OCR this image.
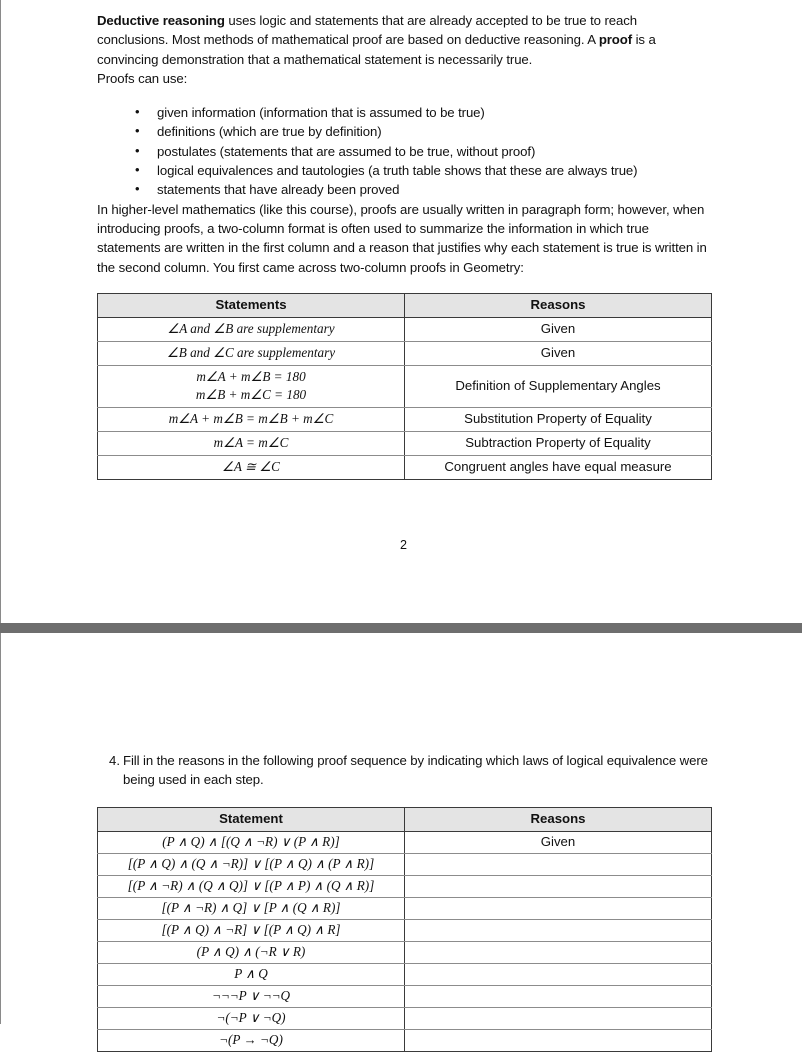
Deductive reasoning uses logic and statements that are already accepted to be true to reach conclusions. Most methods of mathematical proof are based on deductive reasoning. A proof is a convincing demonstration that a mathematical statement is necessarily true.

Proofs can use:

• given information (information that is assumed to be true)
• definitions (which are true by definition)
• postulates (statements that are assumed to be true, without proof)
• logical equivalences and tautologies (a truth table shows that these are always true)
• statements that have already been proved

In higher-level mathematics (like this course), proofs are usually written in paragraph form; however, when introducing proofs, a two-column format is often used to summarize the information in which true statements are written in the first column and a reason that justifies why each statement is true is written in the second column. You first came across two-column proofs in Geometry:

Statements	Reasons

∠A and ∠B are supplementary	Given

∠B and ∠C are supplementary	Given

m∠A + m∠B = 180
m∠B + m∠C = 180	Definition of Supplementary Angles

m∠A + m∠B = m∠B + m∠C	Substitution Property of Equality

m∠A = m∠C	Subtraction Property of Equality

∠A ≅ ∠C	Congruent angles have equal measure
2
4. Fill in the reasons in the following proof sequence by indicating which laws of logical equivalence were being used in each step.
Statement	Reasons
(P ∧ Q) ∧ [(Q ∧ ¬R) ∨ (P ∧ R)]	Given
[(P ∧ Q) ∧ (Q ∧ ¬R)] ∨ [(P ∧ Q) ∧ (P ∧ R)]	
[(P ∧ ¬R) ∧ (Q ∧ Q)] ∨ [(P ∧ P) ∧ (Q ∧ R)]	
[(P ∧ ¬R) ∧ Q] ∨ [P ∧ (Q ∧ R)]	
[(P ∧ Q) ∧ ¬R] ∨ [(P ∧ Q) ∧ R]	
(P ∧ Q) ∧ (¬R ∨ R)	
P ∧ Q	
¬¬¬P ∨ ¬¬Q	
¬(¬P ∨ ¬Q)	
¬(P → ¬Q)	
